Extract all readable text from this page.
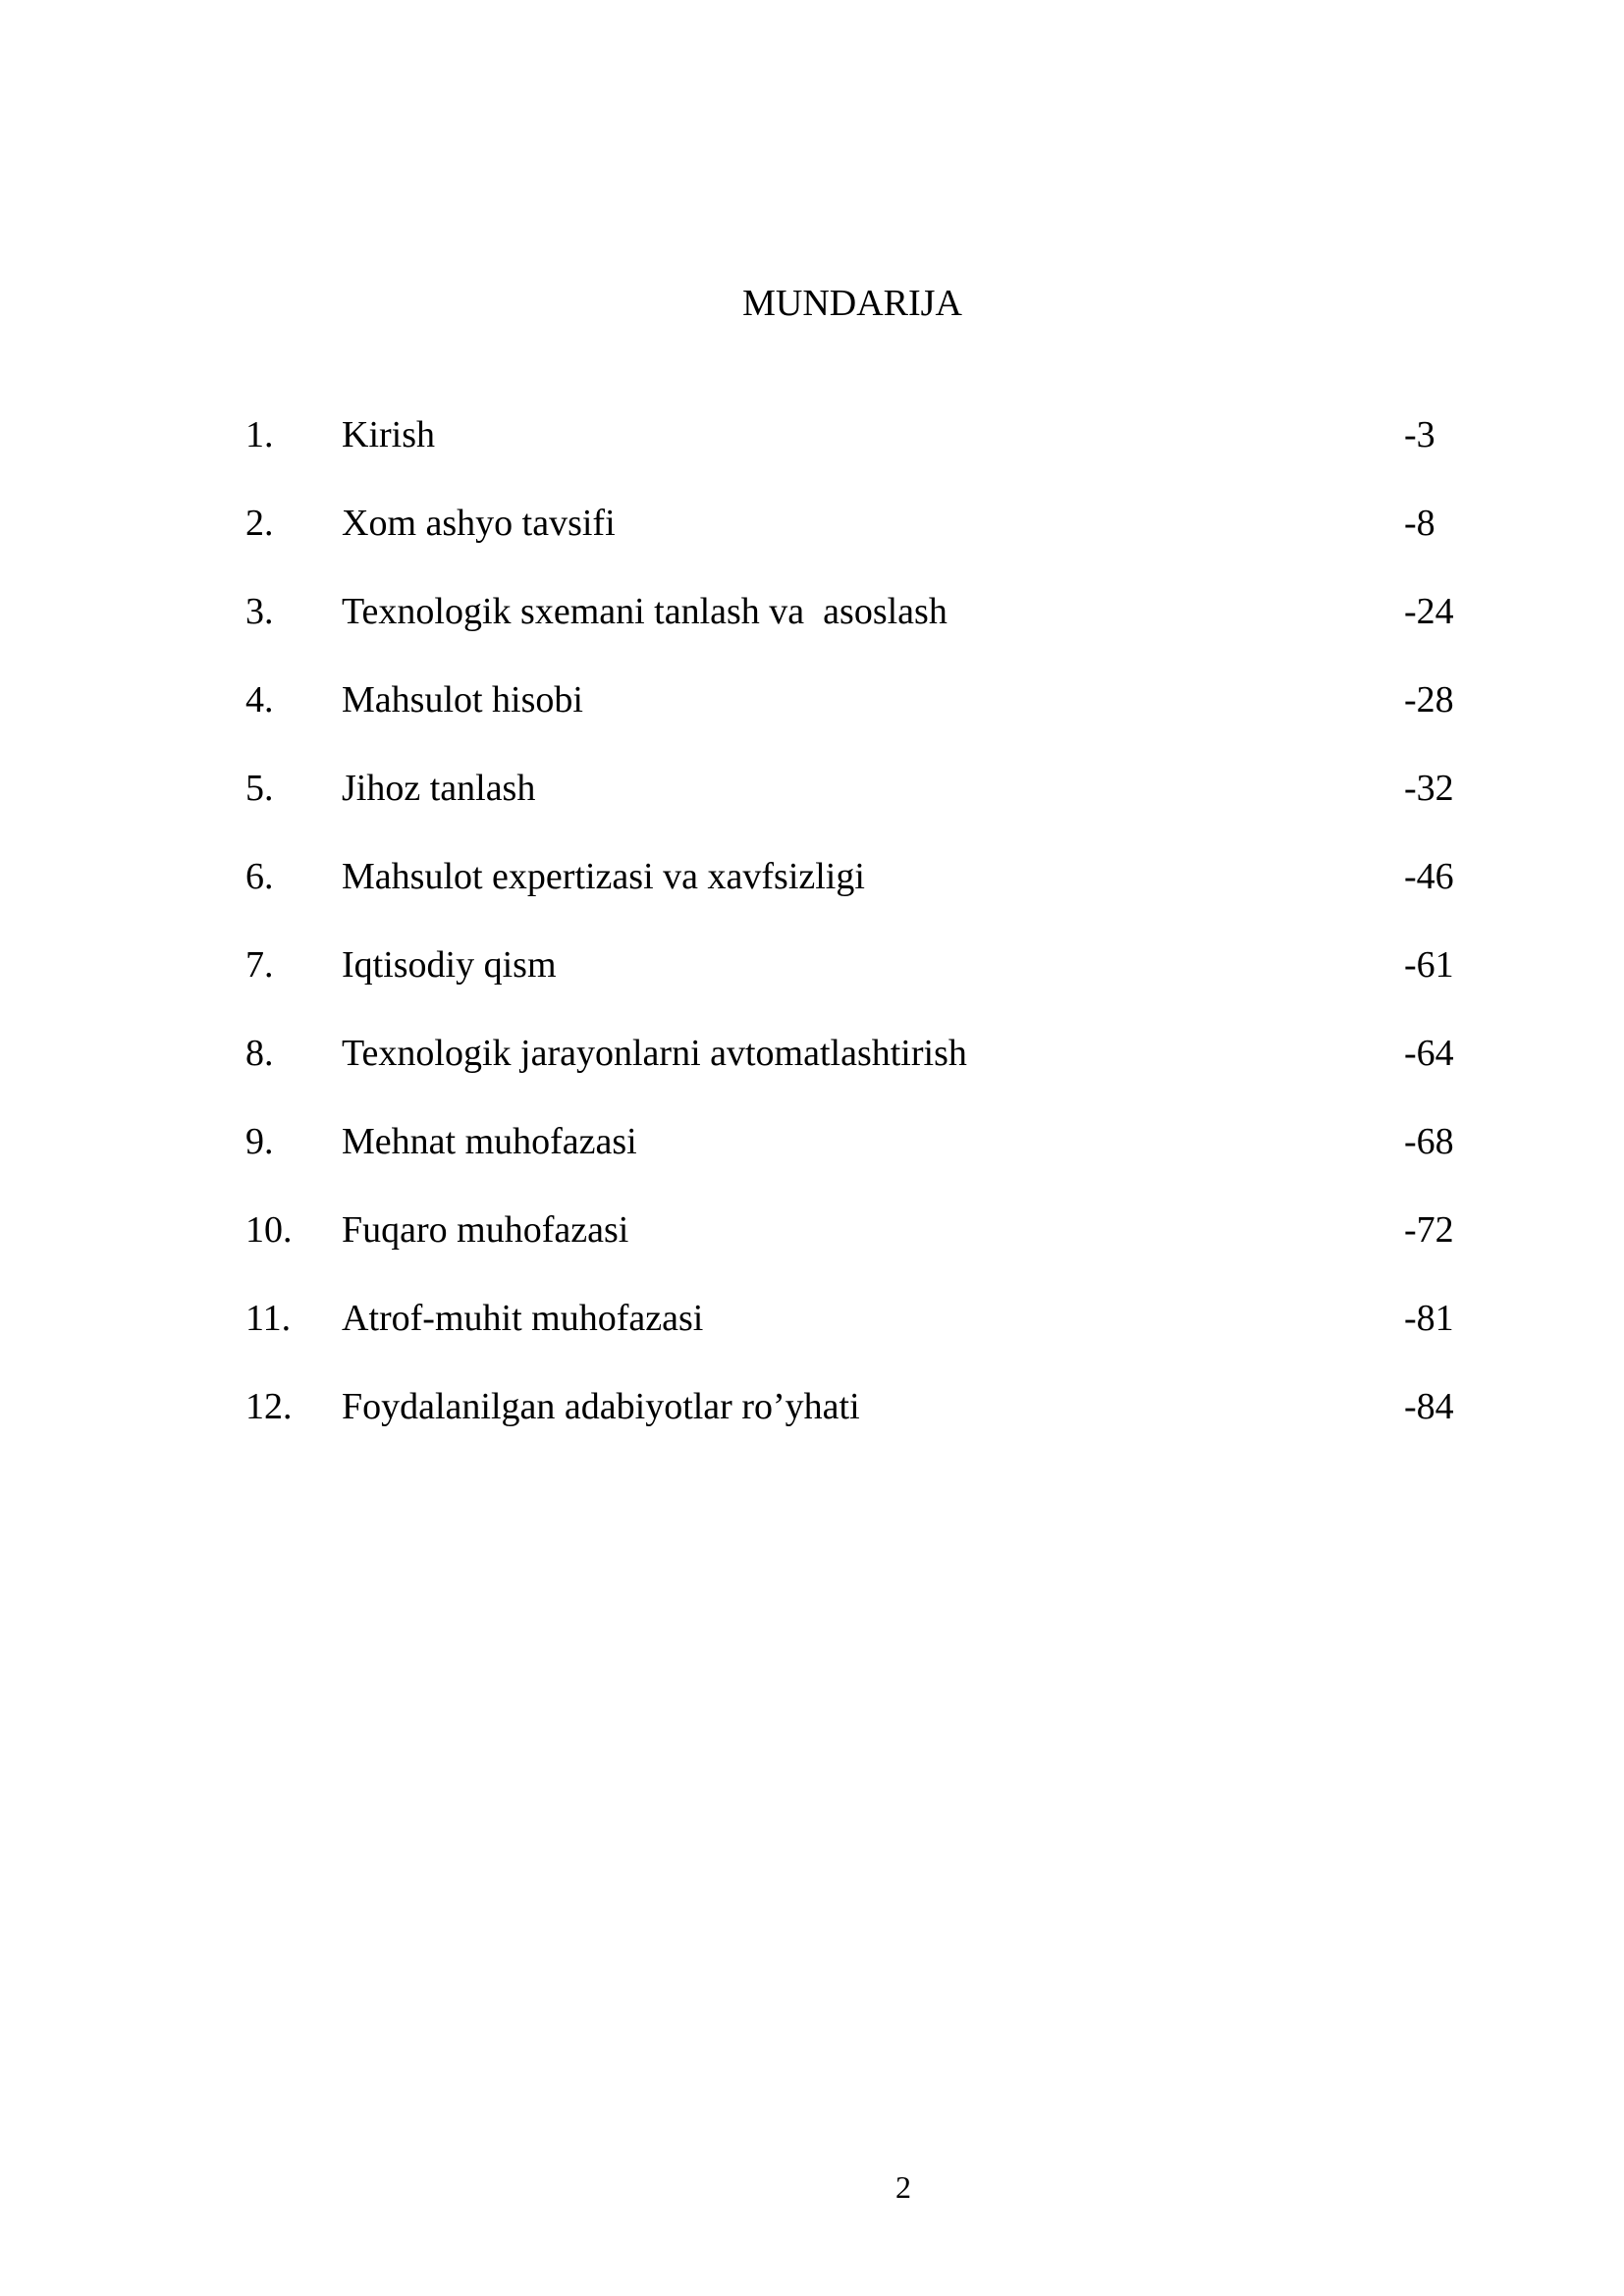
MUNDARIJA
1. Kirish	-3
2. Xom ashyo tavsifi	-8
3. Texnologik sxemani tanlash va  asoslash	-24
4. Mahsulot hisobi	-28
5. Jihoz tanlash	-32
6. Mahsulot expertizasi va xavfsizligi	-46
7. Iqtisodiy qism	-61
8. Texnologik jarayonlarni avtomatlashtirish	-64
9. Mehnat muhofazasi	-68
10. Fuqaro muhofazasi	-72
11. Atrof-muhit muhofazasi	-81
12. Foydalanilgan adabiyotlar ro’yhati	-84
2
